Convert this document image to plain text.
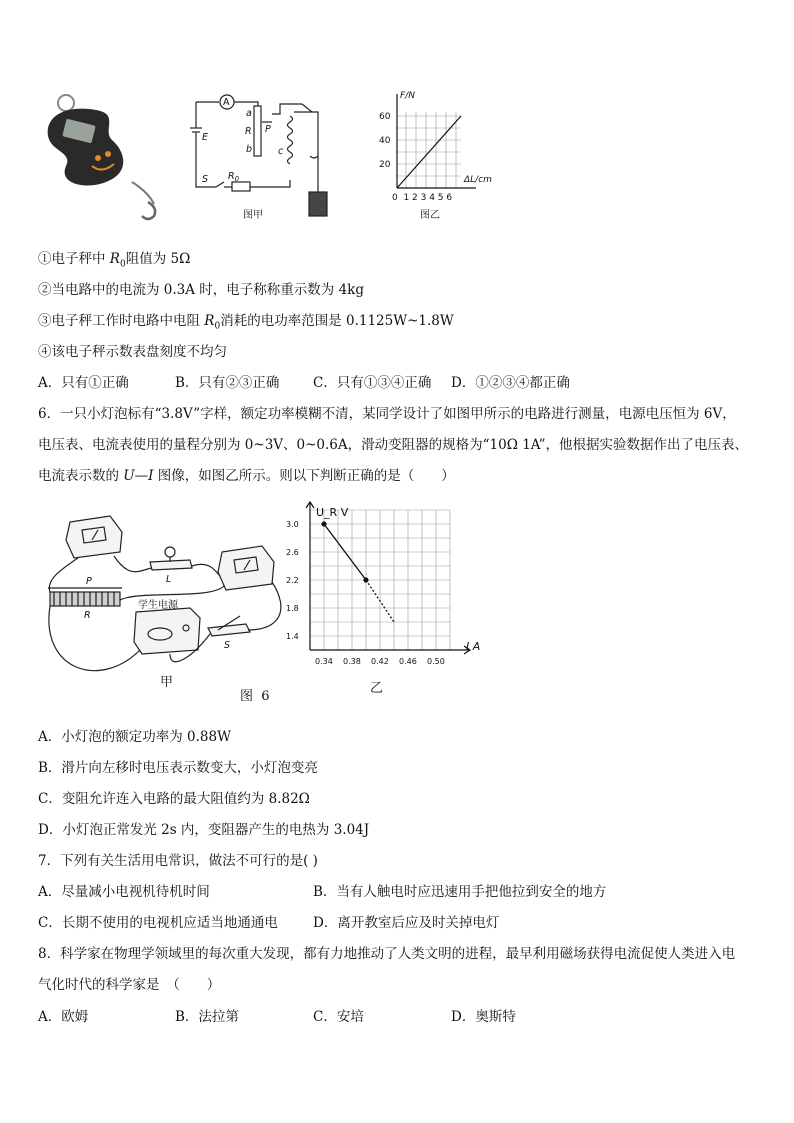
A
E
a
R
b
P
c
S $R_0$
图甲
F/N
60
40
20
ΔL/cm
0  1 2 3 4 5 6
图乙
①电子秤中 $R_0$阻值为 5Ω
②当电路中的电流为 0.3A 时，电子称称重示数为 4kg
③电子秤工作时电路中电阻 $R_0$消耗的电功率范围是 0.1125W~1.8W
④该电子秤示数表盘刻度不均匀
A．只有①正确	B．只有②③正确 C．只有①③④正确 D．①②③④都正确
6．一只小灯泡标有“3.8V”字样，额定功率模糊不清，某同学设计了如图甲所示的电路进行测量，电源电压恒为 6V，
电压表、电流表使用的量程分别为 0~3V、0~0.6A，滑动变阻器的规格为“10Ω 1A”，他根据实验数据作出了电压表、
电流表示数的 U—I 图像，如图乙所示。则以下判断正确的是（　　）
P	L
R
S
学生电源
甲
图  6
3.0
2.6
2.2
1.8
1.4
0.34 0.38 0.42 0.46 0.50
U_R V
I A
乙
A．小灯泡的额定功率为 0.88W
B．滑片向左移时电压表示数变大，小灯泡变亮
C．变阻允许连入电路的最大阻值约为 8.82Ω
D．小灯泡正常发光 2s 内，变阻器产生的电热为 3.04J
7．下列有关生活用电常识，做法不可行的是( )
A．尽量减小电视机待机时间	B．当有人触电时应迅速用手把他拉到安全的地方
C．长期不使用的电视机应适当地通通电	D．离开教室后应及时关掉电灯
8．科学家在物理学领域里的每次重大发现，都有力地推动了人类文明的进程，最早利用磁场获得电流促使人类进入电
气化时代的科学家是　（　　）
A．欧姆	B．法拉第	C．安培	D．奥斯特
